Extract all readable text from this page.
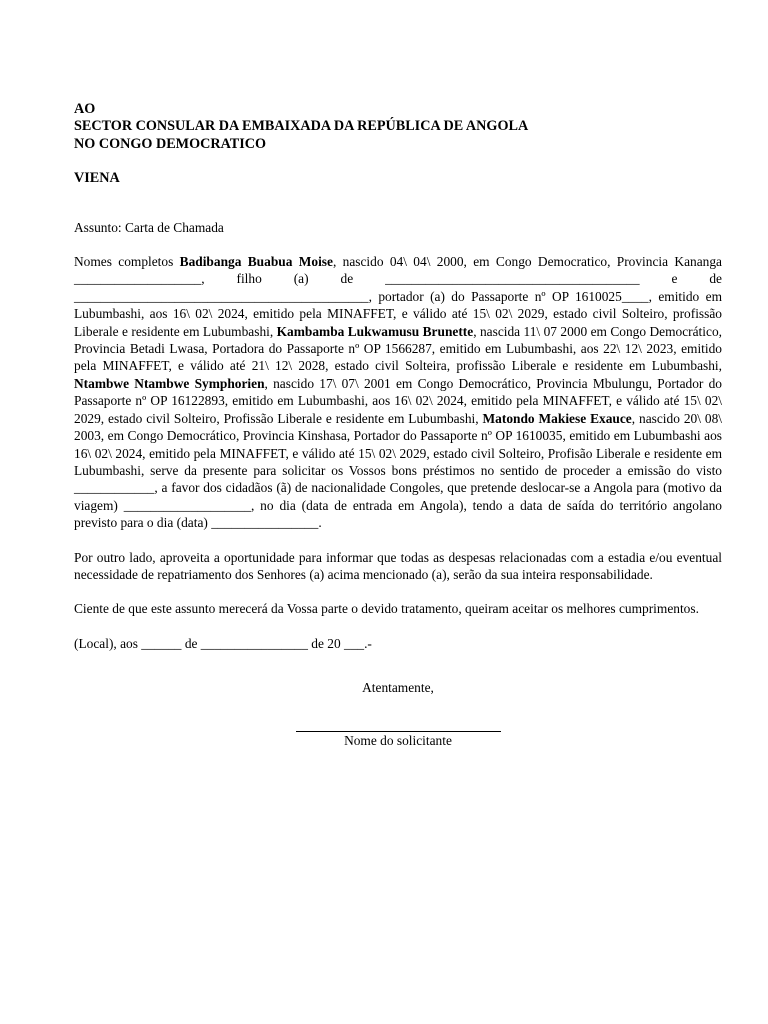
AO
SECTOR CONSULAR DA EMBAIXADA DA REPÚBLICA DE ANGOLA
NO CONGO DEMOCRATICO
VIENA
Assunto: Carta de Chamada

Nomes completos Badibanga Buabua Moise, nascido 04\ 04\ 2000, em Congo Democratico, Provincia Kananga ___________________, filho (a) de ______________________________________ e de ____________________________________________, portador (a) do Passaporte nº OP 1610025____, emitido em Lubumbashi, aos 16\ 02\ 2024, emitido pela MINAFFET, e válido até 15\ 02\ 2029, estado civil Solteiro, profissão Liberale e residente em Lubumbashi, Kambamba Lukwamusu Brunette, nascida 11\ 07 2000 em Congo Democrático, Provincia Betadi Lwasa, Portadora do Passaporte nº OP 1566287, emitido em Lubumbashi, aos 22\ 12\ 2023, emitido pela MINAFFET, e válido até 21\ 12\ 2028, estado civil Solteira, profissão Liberale e residente em Lubumbashi, Ntambwe Ntambwe Symphorien, nascido 17\ 07\ 2001 em Congo Democrático, Provincia Mbulungu, Portador do Passaporte nº OP 16122893, emitido em Lubumbashi, aos 16\ 02\ 2024, emitido pela MINAFFET, e válido até 15\ 02\ 2029, estado civil Solteiro, Profissão Liberale e residente em Lubumbashi, Matondo Makiese Exauce, nascido 20\ 08\ 2003, em Congo Democrático, Provincia Kinshasa, Portador do Passaporte nº OP 1610035, emitido em Lubumbashi aos 16\ 02\ 2024, emitido pela MINAFFET, e válido até 15\ 02\ 2029, estado civil Solteiro, Profisão Liberale e residente em Lubumbashi, serve da presente para solicitar os Vossos bons préstimos no sentido de proceder a emissão do visto ____________, a favor dos cidadãos (ã) de nacionalidade Congoles, que pretende deslocar-se a Angola para (motivo da viagem) ___________________, no dia (data de entrada em Angola), tendo a data de saída do território angolano previsto para o dia (data) ________________.

Por outro lado, aproveita a oportunidade para informar que todas as despesas relacionadas com a estadia e/ou eventual necessidade de repatriamento dos Senhores (a) acima mencionado (a), serão da sua inteira responsabilidade.

Ciente de que este assunto merecerá da Vossa parte o devido tratamento, queiram aceitar os melhores cumprimentos.

(Local), aos ______ de ________________ de 20 ___.-
Atentamente,
Nome do solicitante
